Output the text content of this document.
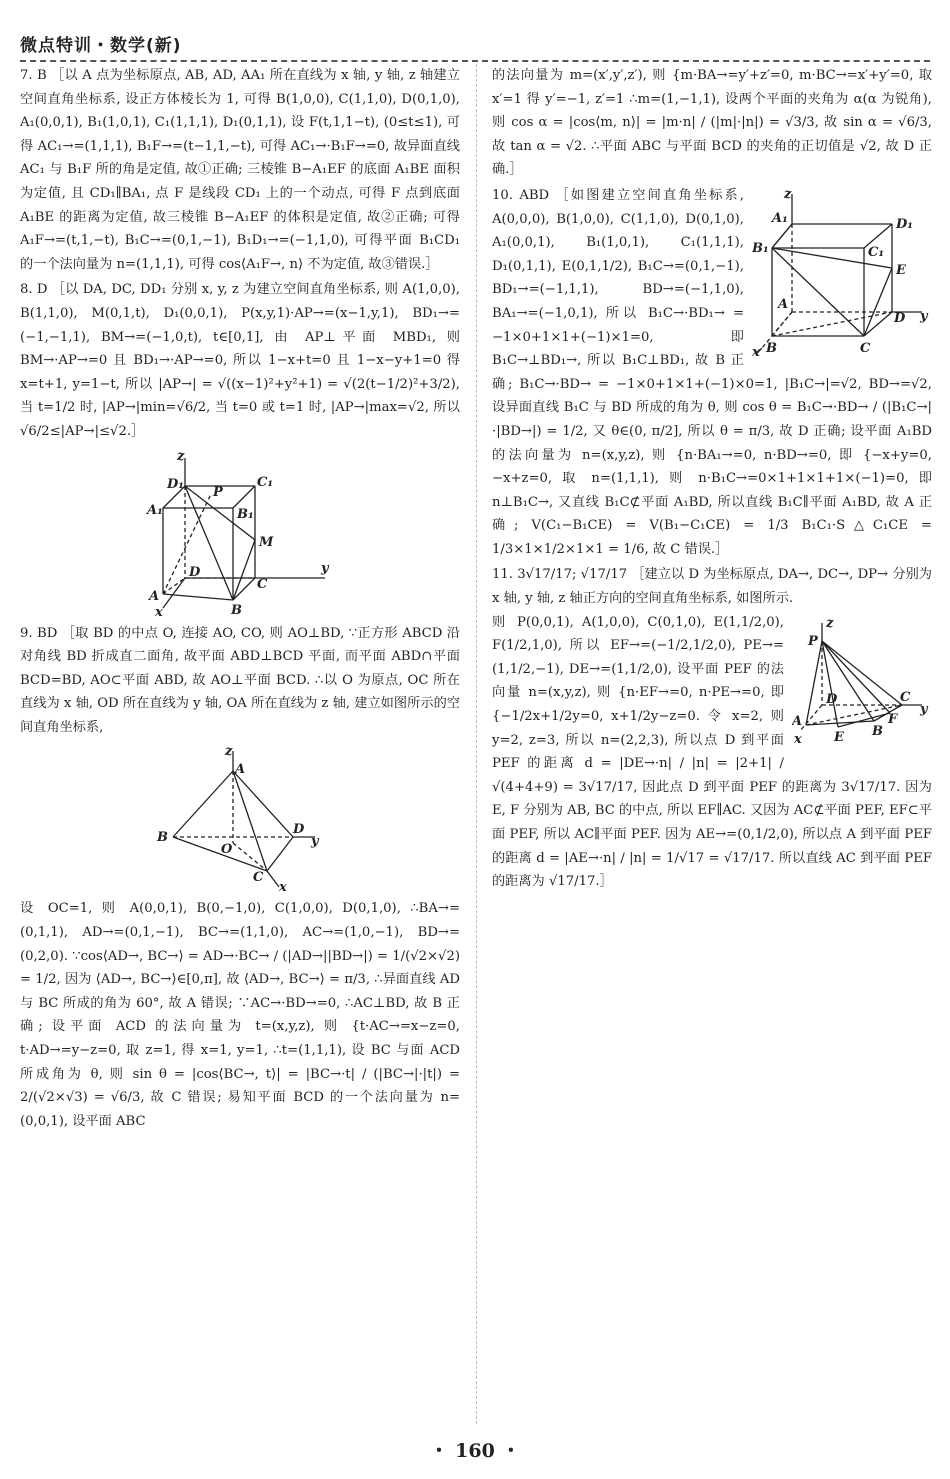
微点特训・数学(新)

7. B ［以 A 点为坐标原点, AB, AD, AA₁ 所在直线为 x 轴, y 轴, z 轴建立空间直角坐标系, 设正方体棱长为 1, 可得 B(1,0,0), C(1,1,0), D(0,1,0), A₁(0,0,1), B₁(1,0,1), C₁(1,1,1), D₁(0,1,1), 设 F(t,1,1−t), (0≤t≤1), 可得 AC₁→=(1,1,1), B₁F→=(t−1,1,−t), 可得 AC₁→·B₁F→=0, 故异面直线 AC₁ 与 B₁F 所的角是定值, 故①正确; 三棱锥 B−A₁EF 的底面 A₁BE 面积为定值, 且 CD₁∥BA₁, 点 F 是线段 CD₁ 上的一个动点, 可得 F 点到底面 A₁BE 的距离为定值, 故三棱锥 B−A₁EF 的体积是定值, 故②正确; 可得 A₁F→=(t,1,−t), B₁C→=(0,1,−1), B₁D₁→=(−1,1,0), 可得平面 B₁CD₁ 的一个法向量为 n=(1,1,1), 可得 cos⟨A₁F→, n⟩ 不为定值, 故③错误.］

8. D ［以 DA, DC, DD₁ 分别 x, y, z 为建立空间直角坐标系, 则 A(1,0,0), B(1,1,0), M(0,1,t), D₁(0,0,1), P(x,y,1)·AP→=(x−1,y,1), BD₁→=(−1,−1,1), BM→=(−1,0,t), t∈[0,1], 由 AP⊥平面 MBD₁, 则 BM→·AP→=0 且 BD₁→·AP→=0, 所以 1−x+t=0 且 1−x−y+1=0 得 x=t+1, y=1−t, 所以 |AP→| = √((x−1)²+y²+1) = √(2(t−1/2)²+3/2), 当 t=1/2 时, |AP→|min=√6/2, 当 t=0 或 t=1 时, |AP→|max=√2, 所以 √6/2≤|AP→|≤√2.］

z
y
x
D₁	C₁
A₁	B₁
P
M
D
C
A
B

9. BD ［取 BD 的中点 O, 连接 AO, CO, 则 AO⊥BD, ∵正方形 ABCD 沿对角线 BD 折成直二面角, 故平面 ABD⊥BCD 平面, 而平面 ABD∩平面 BCD=BD, AO⊂平面 ABD, 故 AO⊥平面 BCD. ∴以 O 为原点, OC 所在直线为 x 轴, OD 所在直线为 y 轴, OA 所在直线为 z 轴, 建立如图所示的空间直角坐标系,

z
A
B
O
D
y
C
x

设 OC=1, 则 A(0,0,1), B(0,−1,0), C(1,0,0), D(0,1,0), ∴BA→=(0,1,1), AD→=(0,1,−1), BC→=(1,1,0), AC→=(1,0,−1), BD→=(0,2,0). ∵cos⟨AD→, BC→⟩ = AD→·BC→ / (|AD→||BD→|) = 1/(√2×√2) = 1/2, 因为 ⟨AD→, BC→⟩∈[0,π], 故 ⟨AD→, BC→⟩ = π/3, ∴异面直线 AD 与 BC 所成的角为 60°, 故 A 错误; ∵AC→·BD→=0, ∴AC⊥BD, 故 B 正确; 设平面 ACD 的法向量为 t=(x,y,z), 则 {t·AC→=x−z=0, t·AD→=y−z=0, 取 z=1, 得 x=1, y=1, ∴t=(1,1,1), 设 BC 与面 ACD 所成角为 θ, 则 sin θ = |cos⟨BC→, t⟩| = |BC→·t| / (|BC→|·|t|) = 2/(√2×√3) = √6/3, 故 C 错误; 易知平面 BCD 的一个法向量为 n=(0,0,1), 设平面 ABC

的法向量为 m=(x′,y′,z′), 则 {m·BA→=y′+z′=0, m·BC→=x′+y′=0, 取 x′=1 得 y′=−1, z′=1 ∴m=(1,−1,1), 设两个平面的夹角为 α(α 为锐角), 则 cos α = |cos⟨m, n⟩| = |m·n| / (|m|·|n|) = √3/3, 故 sin α = √6/3, 故 tan α = √2. ∴平面 ABC 与平面 BCD 的夹角的正切值是 √2, 故 D 正确.］

z
A₁	D₁
B₁	C₁
E
A
D y
x B	C

10. ABD ［如图建立空间直角坐标系, A(0,0,0), B(1,0,0), C(1,1,0), D(0,1,0), A₁(0,0,1), B₁(1,0,1), C₁(1,1,1), D₁(0,1,1), E(0,1,1/2), B₁C→=(0,1,−1), BD₁→=(−1,1,1), BD→=(−1,1,0), BA₁→=(−1,0,1), 所以 B₁C→·BD₁→ = −1×0+1×1+(−1)×1=0, 即 B₁C→⊥BD₁→, 所以 B₁C⊥BD₁, 故 B 正确; B₁C→·BD→ = −1×0+1×1+(−1)×0=1, |B₁C→|=√2, BD→=√2, 设异面直线 B₁C 与 BD 所成的角为 θ, 则 cos θ = B₁C→·BD→ / (|B₁C→|·|BD→|) = 1/2, 又 θ∈(0, π/2], 所以 θ = π/3, 故 D 正确; 设平面 A₁BD 的法向量为 n=(x,y,z), 则 {n·BA₁→=0, n·BD→=0, 即 {−x+y=0, −x+z=0, 取 n=(1,1,1), 则 n·B₁C→=0×1+1×1+1×(−1)=0, 即 n⊥B₁C→, 又直线 B₁C⊄平面 A₁BD, 所以直线 B₁C∥平面 A₁BD, 故 A 正确; V(C₁−B₁CE) = V(B₁−C₁CE) = 1/3 B₁C₁·S△C₁CE = 1/3×1×1/2×1×1 = 1/6, 故 C 错误.］

11. 3√17/17; √17/17 ［建立以 D 为坐标原点, DA→, DC→, DP→ 分别为 x 轴, y 轴, z 轴正方向的空间直角坐标系, 如图所示.

z
P
D	C
y
F
A
E B
x

则 P(0,0,1), A(1,0,0), C(0,1,0), E(1,1/2,0), F(1/2,1,0), 所以 EF→=(−1/2,1/2,0), PE→=(1,1/2,−1), DE→=(1,1/2,0), 设平面 PEF 的法向量 n=(x,y,z), 则 {n·EF→=0, n·PE→=0, 即 {−1/2x+1/2y=0, x+1/2y−z=0. 令 x=2, 则 y=2, z=3, 所以 n=(2,2,3), 所以点 D 到平面 PEF 的距离 d = |DE→·n| / |n| = |2+1| / √(4+4+9) = 3√17/17, 因此点 D 到平面 PEF 的距离为 3√17/17. 因为 E, F 分别为 AB, BC 的中点, 所以 EF∥AC. 又因为 AC⊄平面 PEF, EF⊂平面 PEF, 所以 AC∥平面 PEF. 因为 AE→=(0,1/2,0), 所以点 A 到平面 PEF 的距离 d = |AE→·n| / |n| = 1/√17 = √17/17. 所以直线 AC 到平面 PEF 的距离为 √17/17.］

・ 160 ・
